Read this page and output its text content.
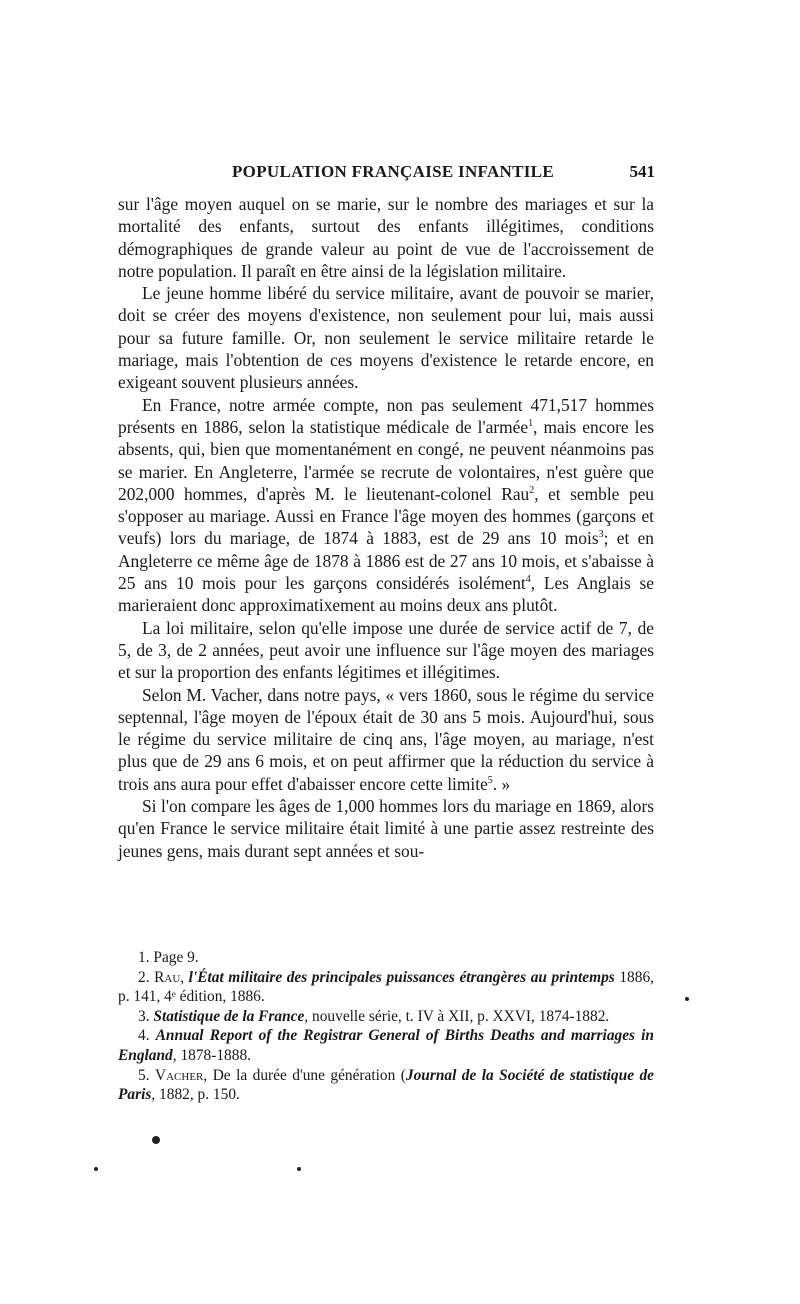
POPULATION FRANÇAISE INFANTILE	541

sur l'âge moyen auquel on se marie, sur le nombre des mariages et sur la mortalité des enfants, surtout des enfants illégitimes, conditions démographiques de grande valeur au point de vue de l'accroissement de notre population. Il paraît en être ainsi de la législation militaire.

Le jeune homme libéré du service militaire, avant de pouvoir se marier, doit se créer des moyens d'existence, non seulement pour lui, mais aussi pour sa future famille. Or, non seulement le service militaire retarde le mariage, mais l'obtention de ces moyens d'existence le retarde encore, en exigeant souvent plusieurs années.

En France, notre armée compte, non pas seulement 471,517 hommes présents en 1886, selon la statistique médicale de l'armée$^1$, mais encore les absents, qui, bien que momentanément en congé, ne peuvent néanmoins pas se marier. En Angleterre, l'armée se recrute de volontaires, n'est guère que 202,000 hommes, d'après M. le lieutenant-colonel Rau$^2$, et semble peu s'opposer au mariage. Aussi en France l'âge moyen des hommes (garçons et veufs) lors du mariage, de 1874 à 1883, est de 29 ans 10 mois$^3$; et en Angleterre ce même âge de 1878 à 1886 est de 27 ans 10 mois, et s'abaisse à 25 ans 10 mois pour les garçons considérés isolément$^4$, Les Anglais se marieraient donc approximatixement au moins deux ans plutôt.

La loi militaire, selon qu'elle impose une durée de service actif de 7, de 5, de 3, de 2 années, peut avoir une influence sur l'âge moyen des mariages et sur la proportion des enfants légitimes et illégitimes.

Selon M. Vacher, dans notre pays, « vers 1860, sous le régime du service septennal, l'âge moyen de l'époux était de 30 ans 5 mois. Aujourd'hui, sous le régime du service militaire de cinq ans, l'âge moyen, au mariage, n'est plus que de 29 ans 6 mois, et on peut affirmer que la réduction du service à trois ans aura pour effet d'abaisser encore cette limite$^5$. »

Si l'on compare les âges de 1,000 hommes lors du mariage en 1869, alors qu'en France le service militaire était limité à une partie assez restreinte des jeunes gens, mais durant sept années et sou-

1. Page 9.

2. Rau, l'État militaire des principales puissances étrangères au printemps 1886, p. 141, 4ᵉ édition, 1886.

3. Statistique de la France, nouvelle série, t. IV à XII, p. XXVI, 1874-1882.

4. Annual Report of the Registrar General of Births Deaths and marriages in England, 1878-1888.

5. Vacher, De la durée d'une génération (Journal de la Société de statistique de Paris, 1882, p. 150.
